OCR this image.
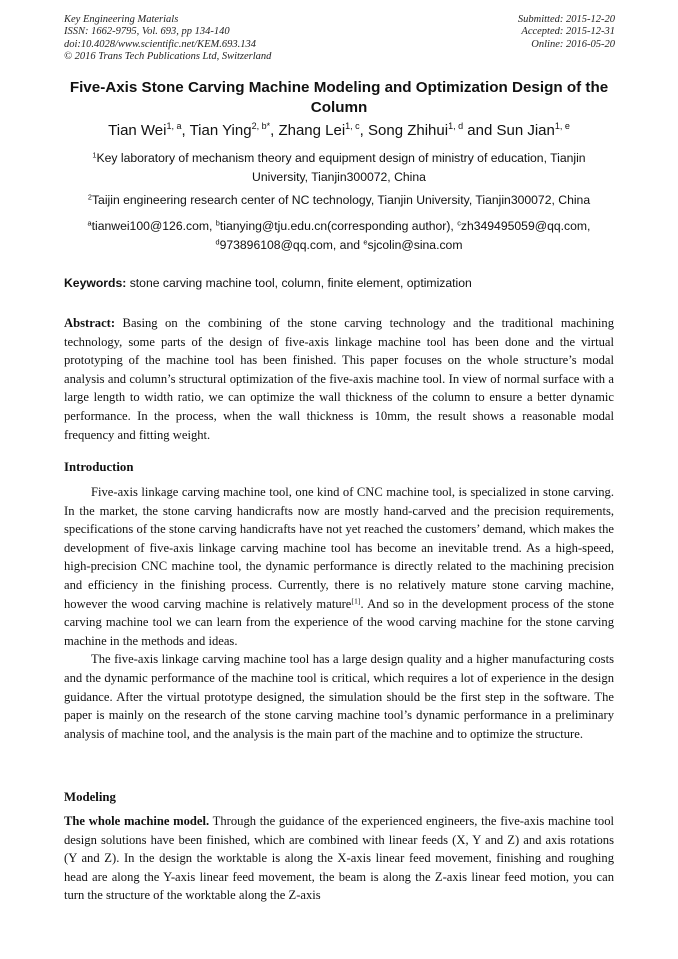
Key Engineering Materials
ISSN: 1662-9795, Vol. 693, pp 134-140
doi:10.4028/www.scientific.net/KEM.693.134
© 2016 Trans Tech Publications Ltd, Switzerland
Submitted: 2015-12-20
Accepted: 2015-12-31
Online: 2016-05-20
Five-Axis Stone Carving Machine Modeling and Optimization Design of the Column
Tian Wei$^{1, a}$, Tian Ying$^{2, b*}$, Zhang Lei$^{1, c}$, Song Zhihui$^{1, d}$ and Sun Jian$^{1, e}$
$^1$Key laboratory of mechanism theory and equipment design of ministry of education, Tianjin University, Tianjin300072, China
$^2$Taijin engineering research center of NC technology, Tianjin University, Tianjin300072, China
$^a$tianwei100@126.com, $^b$tianying@tju.edu.cn(corresponding author), $^c$zh349495059@qq.com,
$^d$973896108@qq.com, and $^e$sjcolin@sina.com
Keywords: stone carving machine tool, column, finite element, optimization
Abstract: Basing on the combining of the stone carving technology and the traditional machining technology, some parts of the design of five-axis linkage machine tool has been done and the virtual prototyping of the machine tool has been finished. This paper focuses on the whole structure’s modal analysis and column’s structural optimization of the five-axis machine tool. In view of normal surface with a large length to width ratio, we can optimize the wall thickness of the column to ensure a better dynamic performance. In the process, when the wall thickness is 10mm, the result shows a reasonable modal frequency and fitting weight.
Introduction

Five-axis linkage carving machine tool, one kind of CNC machine tool, is specialized in stone carving. In the market, the stone carving handicrafts now are mostly hand-carved and the precision requirements, specifications of the stone carving handicrafts have not yet reached the customers’ demand, which makes the development of five-axis linkage carving machine tool has become an inevitable trend. As a high-speed, high-precision CNC machine tool, the dynamic performance is directly related to the machining precision and efficiency in the finishing process. Currently, there is no relatively mature stone carving machine, however the wood carving machine is relatively mature[1]. And so in the development process of the stone carving machine tool we can learn from the experience of the wood carving machine for the stone carving machine in the methods and ideas.

The five-axis linkage carving machine tool has a large design quality and a higher manufacturing costs and the dynamic performance of the machine tool is critical, which requires a lot of experience in the design guidance. After the virtual prototype designed, the simulation should be the first step in the software. The paper is mainly on the research of the stone carving machine tool’s dynamic performance in a preliminary analysis of machine tool, and the analysis is the main part of the machine and to optimize the structure.

Modeling

The whole machine model. Through the guidance of the experienced engineers, the five-axis machine tool design solutions have been finished, which are combined with linear feeds (X, Y and Z) and axis rotations (Y and Z). In the design the worktable is along the X-axis linear feed movement, finishing and roughing head are along the Y-axis linear feed movement, the beam is along the Z-axis linear feed motion, you can turn the structure of the worktable along the Z-axis
